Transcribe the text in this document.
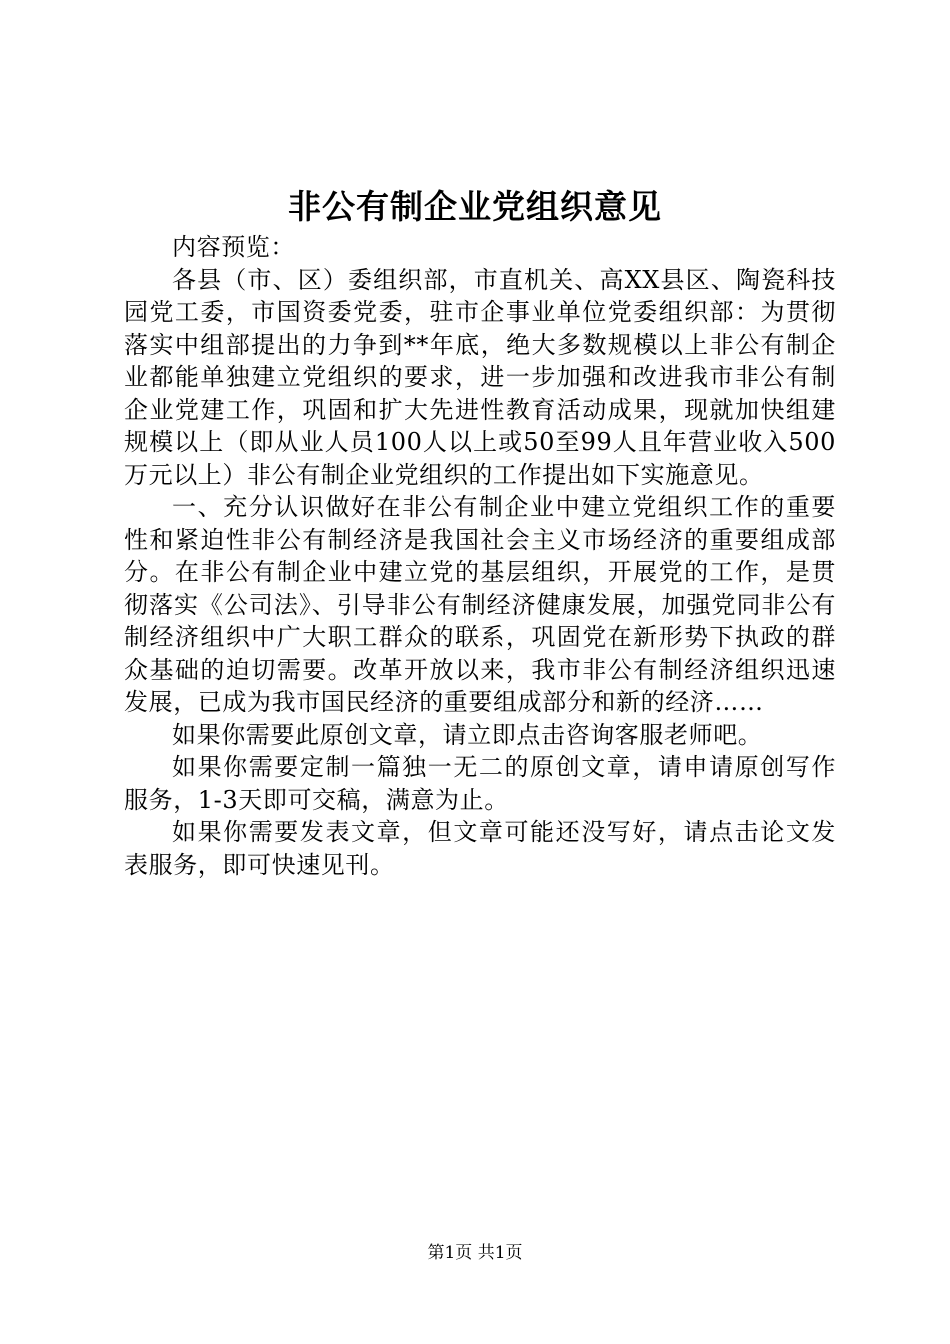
非公有制企业党组织意见

内容预览：

各县（市、区）委组织部，市直机关、高XX县区、陶瓷科技园党工委，市国资委党委，驻市企事业单位党委组织部：为贯彻落实中组部提出的力争到**年底，绝大多数规模以上非公有制企业都能单独建立党组织的要求，进一步加强和改进我市非公有制企业党建工作，巩固和扩大先进性教育活动成果，现就加快组建规模以上（即从业人员100人以上或50至99人且年营业收入500万元以上）非公有制企业党组织的工作提出如下实施意见。

一、充分认识做好在非公有制企业中建立党组织工作的重要性和紧迫性非公有制经济是我国社会主义市场经济的重要组成部分。在非公有制企业中建立党的基层组织，开展党的工作，是贯彻落实《公司法》、引导非公有制经济健康发展，加强党同非公有制经济组织中广大职工群众的联系，巩固党在新形势下执政的群众基础的迫切需要。改革开放以来，我市非公有制经济组织迅速发展，已成为我市国民经济的重要组成部分和新的经济……

如果你需要此原创文章，请立即点击咨询客服老师吧。

如果你需要定制一篇独一无二的原创文章，请申请原创写作服务，1-3天即可交稿，满意为止。

如果你需要发表文章，但文章可能还没写好，请点击论文发表服务，即可快速见刊。

第1页 共1页
